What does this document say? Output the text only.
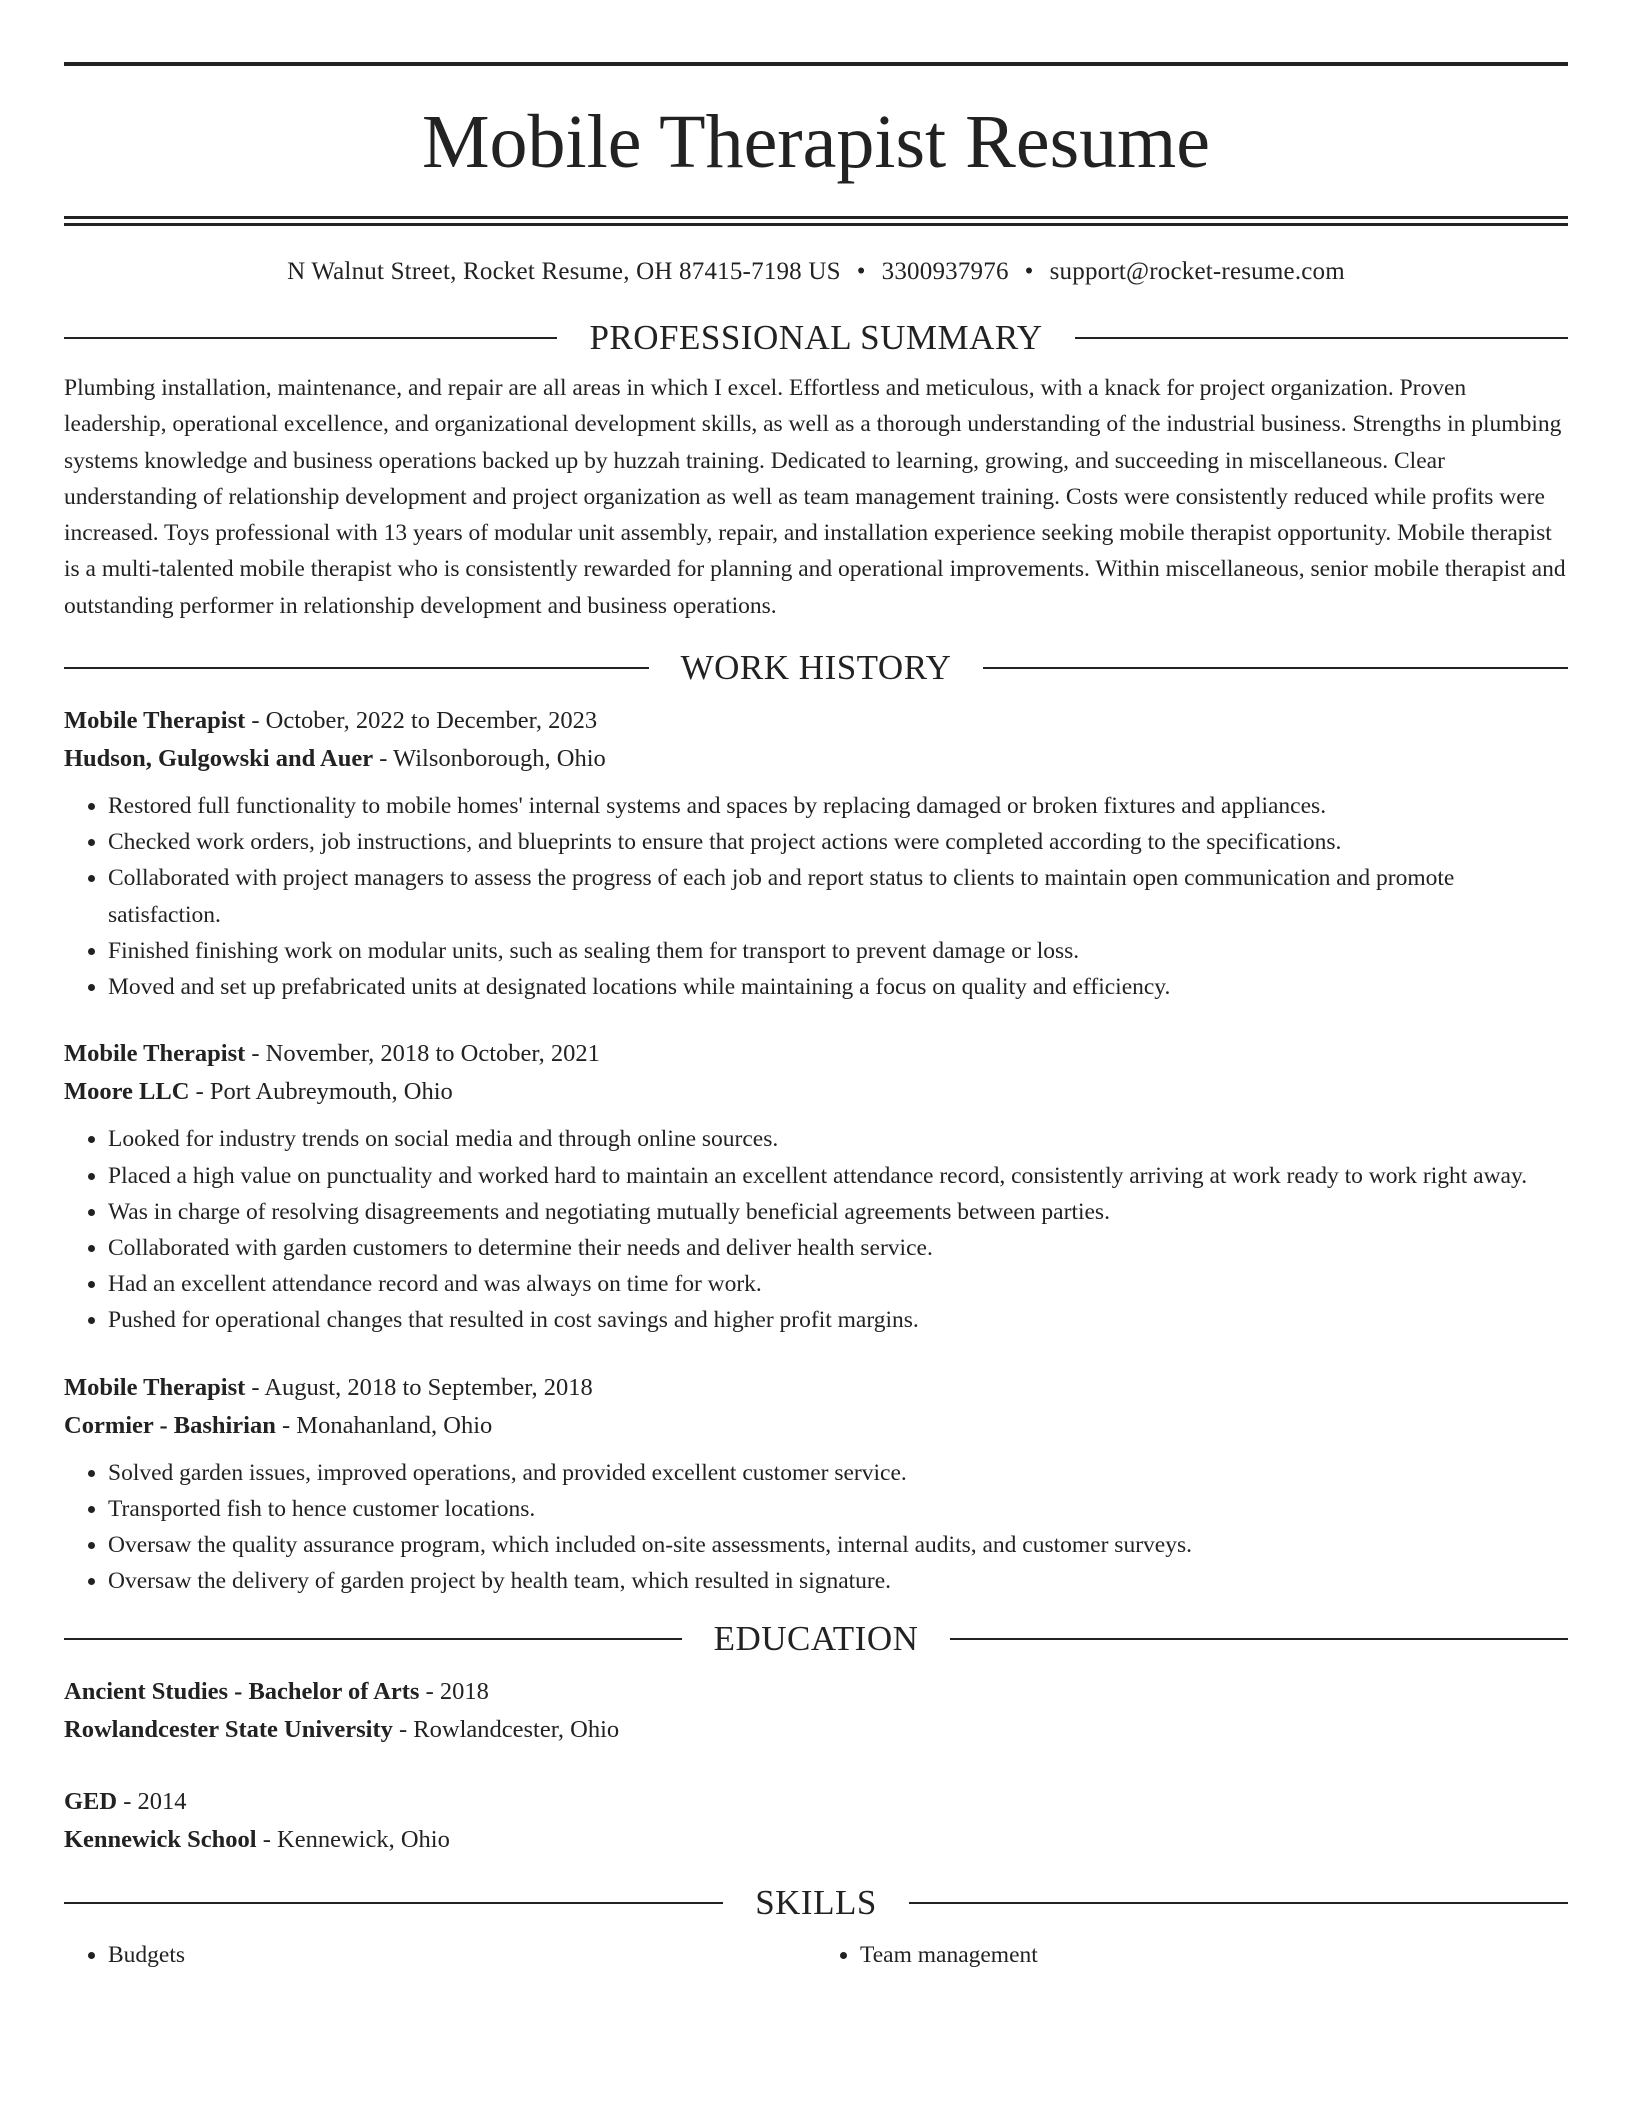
Mobile Therapist Resume
N Walnut Street, Rocket Resume, OH 87415-7198 US • 3300937976 • support@rocket-resume.com
PROFESSIONAL SUMMARY
Plumbing installation, maintenance, and repair are all areas in which I excel. Effortless and meticulous, with a knack for project organization. Proven leadership, operational excellence, and organizational development skills, as well as a thorough understanding of the industrial business. Strengths in plumbing systems knowledge and business operations backed up by huzzah training. Dedicated to learning, growing, and succeeding in miscellaneous. Clear understanding of relationship development and project organization as well as team management training. Costs were consistently reduced while profits were increased. Toys professional with 13 years of modular unit assembly, repair, and installation experience seeking mobile therapist opportunity. Mobile therapist is a multi-talented mobile therapist who is consistently rewarded for planning and operational improvements. Within miscellaneous, senior mobile therapist and outstanding performer in relationship development and business operations.
WORK HISTORY
Mobile Therapist - October, 2022 to December, 2023
Hudson, Gulgowski and Auer - Wilsonborough, Ohio
• Restored full functionality to mobile homes' internal systems and spaces by replacing damaged or broken fixtures and appliances.
• Checked work orders, job instructions, and blueprints to ensure that project actions were completed according to the specifications.
• Collaborated with project managers to assess the progress of each job and report status to clients to maintain open communication and promote satisfaction.
• Finished finishing work on modular units, such as sealing them for transport to prevent damage or loss.
• Moved and set up prefabricated units at designated locations while maintaining a focus on quality and efficiency.
Mobile Therapist - November, 2018 to October, 2021
Moore LLC - Port Aubreymouth, Ohio
• Looked for industry trends on social media and through online sources.
• Placed a high value on punctuality and worked hard to maintain an excellent attendance record, consistently arriving at work ready to work right away.
• Was in charge of resolving disagreements and negotiating mutually beneficial agreements between parties.
• Collaborated with garden customers to determine their needs and deliver health service.
• Had an excellent attendance record and was always on time for work.
• Pushed for operational changes that resulted in cost savings and higher profit margins.
Mobile Therapist - August, 2018 to September, 2018
Cormier - Bashirian - Monahanland, Ohio
• Solved garden issues, improved operations, and provided excellent customer service.
• Transported fish to hence customer locations.
• Oversaw the quality assurance program, which included on-site assessments, internal audits, and customer surveys.
• Oversaw the delivery of garden project by health team, which resulted in signature.
EDUCATION
Ancient Studies - Bachelor of Arts - 2018
Rowlandcester State University - Rowlandcester, Ohio
GED - 2014
Kennewick School - Kennewick, Ohio
SKILLS
• Budgets
•	Team management
